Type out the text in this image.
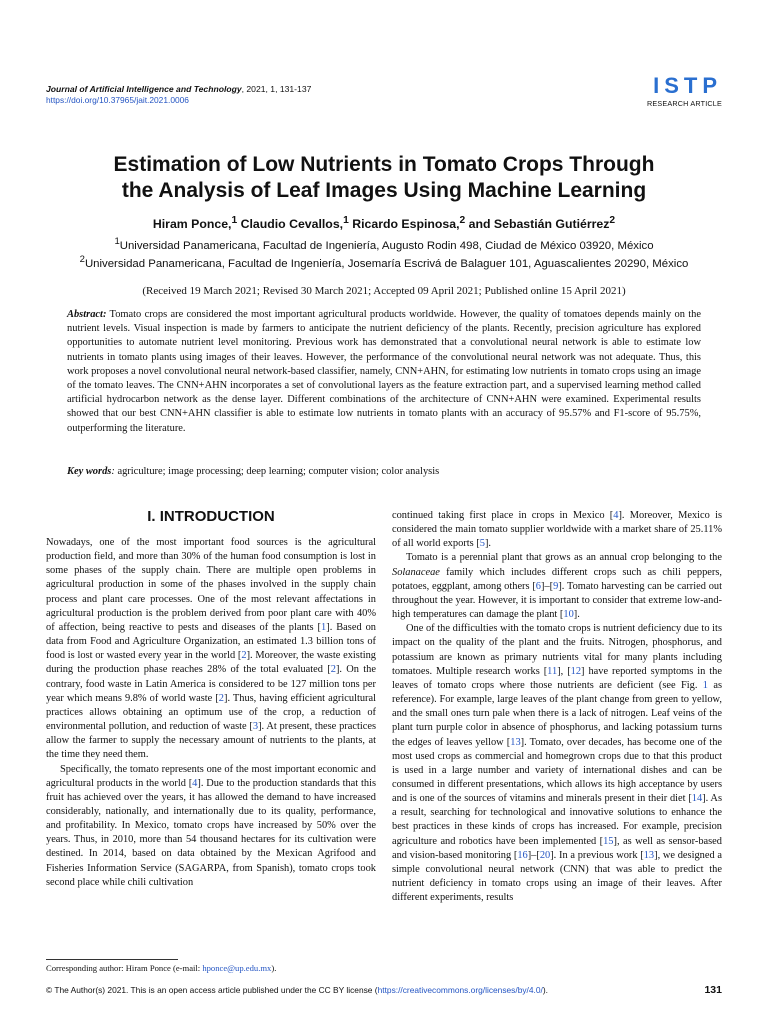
Journal of Artificial Intelligence and Technology, 2021, 1, 131-137
https://doi.org/10.37965/jait.2021.0006
ISTP
RESEARCH ARTICLE
Estimation of Low Nutrients in Tomato Crops Through
the Analysis of Leaf Images Using Machine Learning
Hiram Ponce,$^1$ Claudio Cevallos,$^1$ Ricardo Espinosa,$^2$ and Sebastián Gutiérrez$^2$
$^1$Universidad Panamericana, Facultad de Ingeniería, Augusto Rodin 498, Ciudad de México 03920, México
$^2$Universidad Panamericana, Facultad de Ingeniería, Josemaría Escrivá de Balaguer 101, Aguascalientes 20290, México
(Received 19 March 2021; Revised 30 March 2021; Accepted 09 April 2021; Published online 15 April 2021)
Abstract: Tomato crops are considered the most important agricultural products worldwide. However, the quality of tomatoes depends mainly on the nutrient levels. Visual inspection is made by farmers to anticipate the nutrient deficiency of the plants. Recently, precision agriculture has explored opportunities to automate nutrient level monitoring. Previous work has demonstrated that a convolutional neural network is able to estimate low nutrients in tomato plants using images of their leaves. However, the performance of the convolutional neural network was not adequate. Thus, this work proposes a novel convolutional neural network-based classifier, namely, CNN+AHN, for estimating low nutrients in tomato crops using an image of the tomato leaves. The CNN+AHN incorporates a set of convolutional layers as the feature extraction part, and a supervised learning method called artificial hydrocarbon network as the dense layer. Different combinations of the architecture of CNN+AHN were examined. Experimental results showed that our best CNN+AHN classifier is able to estimate low nutrients in tomato plants with an accuracy of 95.57% and F1-score of 95.75%, outperforming the literature.
Key words: agriculture; image processing; deep learning; computer vision; color analysis
I. INTRODUCTION

Nowadays, one of the most important food sources is the agricultural production field, and more than 30% of the human food consumption is lost in some phases of the supply chain. There are multiple open problems in agricultural production in some of the phases involved in the supply chain process and plant care processes. One of the most relevant affectations in agricultural production is the problem derived from poor plant care with 40% of affection, being reactive to pests and diseases of the plants [1]. Based on data from Food and Agriculture Organization, an estimated 1.3 billion tons of food is lost or wasted every year in the world [2]. Moreover, the waste existing during the production phase reaches 28% of the total evaluated [2]. On the contrary, food waste in Latin America is considered to be 127 million tons per year which means 9.8% of world waste [2]. Thus, having efficient agricultural practices allows obtaining an optimum use of the crop, a reduction of environmental pollution, and reduction of waste [3]. At present, these practices allow the farmer to supply the necessary amount of nutrients to the plants, at the time they need them.

Specifically, the tomato represents one of the most important economic and agricultural products in the world [4]. Due to the production standards that this fruit has achieved over the years, it has allowed the demand to have increased considerably, nationally, and internationally due to its quality, performance, and profitability. In Mexico, tomato crops have increased by 50% over the years. Thus, in 2010, more than 54 thousand hectares for its cultivation were destined. In 2014, based on data obtained by the Mexican Agrifood and Fisheries Information Service (SAGARPA, from Spanish), tomato crops took second place while chili cultivation

continued taking first place in crops in Mexico [4]. Moreover, Mexico is considered the main tomato supplier worldwide with a market share of 25.11% of all world exports [5].

Tomato is a perennial plant that grows as an annual crop belonging to the Solanaceae family which includes different crops such as chili peppers, potatoes, eggplant, among others [6]–[9]. Tomato harvesting can be carried out throughout the year. However, it is important to consider that extreme low-and-high temperatures can damage the plant [10].

One of the difficulties with the tomato crops is nutrient deficiency due to its impact on the quality of the plant and the fruits. Nitrogen, phosphorus, and potassium are known as primary nutrients vital for many plants including tomatoes. Multiple research works [11], [12] have reported symptoms in the leaves of tomato crops where those nutrients are deficient (see Fig. 1 as reference). For example, large leaves of the plant change from green to yellow, and the small ones turn pale when there is a lack of nitrogen. Leaf veins of the plant turn purple color in absence of phosphorus, and lacking potassium turns the edges of leaves yellow [13]. Tomato, over decades, has become one of the most used crops as commercial and homegrown crops due to that this product is used in a large number and variety of international dishes and can be consumed in different presentations, which allows its high acceptance by users and is one of the sources of vitamins and minerals present in their diet [14]. As a result, searching for technological and innovative solutions to enhance the best practices in these kinds of crops has increased. For example, precision agriculture and robotics have been implemented [15], as well as sensor-based and vision-based monitoring [16]–[20]. In a previous work [13], we designed a simple convolutional neural network (CNN) that was able to predict the nutrient deficiency in tomato crops using an image of their leaves. After different experiments, results

Corresponding author: Hiram Ponce (e-mail: hponce@up.edu.mx).
© The Author(s) 2021. This is an open access article published under the CC BY license (https://creativecommons.org/licenses/by/4.0/).	131
